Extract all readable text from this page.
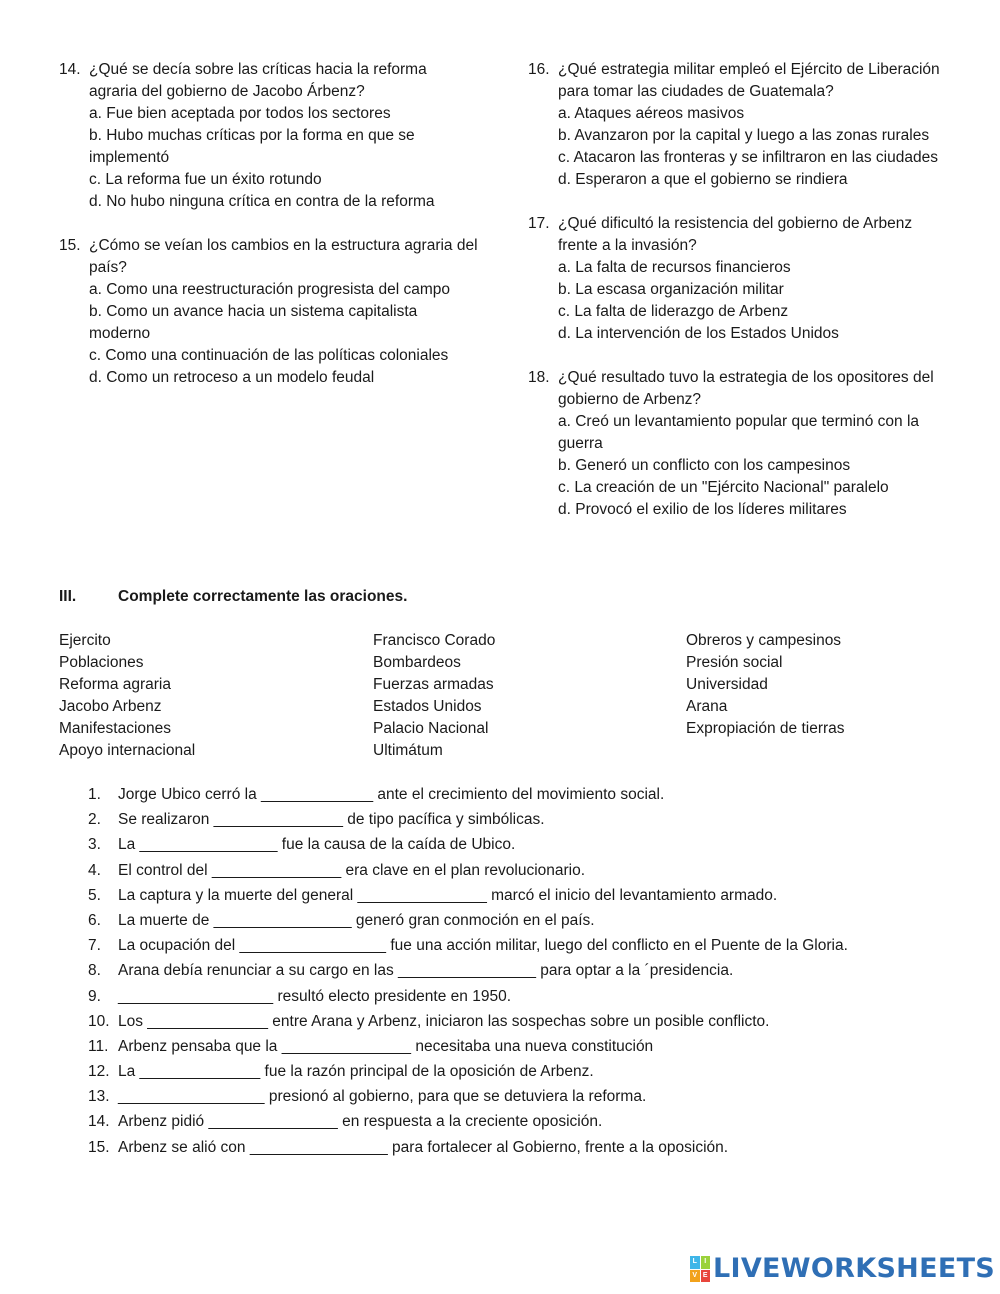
14. ¿Qué se decía sobre las críticas hacia la reforma agraria del gobierno de Jacobo Árbenz?
a. Fue bien aceptada por todos los sectores
b. Hubo muchas críticas por la forma en que se implementó
c. La reforma fue un éxito rotundo
d. No hubo ninguna crítica en contra de la reforma
15. ¿Cómo se veían los cambios en la estructura agraria del país?
a. Como una reestructuración progresista del campo
b. Como un avance hacia un sistema capitalista moderno
c. Como una continuación de las políticas coloniales
d. Como un retroceso a un modelo feudal
16. ¿Qué estrategia militar empleó el Ejército de Liberación para tomar las ciudades de Guatemala?
a. Ataques aéreos masivos
b. Avanzaron por la capital y luego a las zonas rurales
c. Atacaron las fronteras y se infiltraron en las ciudades
d. Esperaron a que el gobierno se rindiera
17. ¿Qué dificultó la resistencia del gobierno de Arbenz frente a la invasión?
a. La falta de recursos financieros
b. La escasa organización militar
c. La falta de liderazgo de Arbenz
d. La intervención de los Estados Unidos
18. ¿Qué resultado tuvo la estrategia de los opositores del gobierno de Arbenz?
a. Creó un levantamiento popular que terminó con la guerra
b. Generó un conflicto con los campesinos
c. La creación de un "Ejército Nacional" paralelo
d. Provocó el exilio de los líderes militares
III.	Complete correctamente las oraciones.
Ejercito
Poblaciones
Reforma agraria
Jacobo Arbenz
Manifestaciones
Apoyo internacional
Francisco Corado
Bombardeos
Fuerzas armadas
Estados Unidos
Palacio Nacional
Ultimátum
Obreros y campesinos
Presión social
Universidad
Arana
Expropiación de tierras
1. Jorge Ubico cerró la _____________ ante el crecimiento del movimiento social.
2. Se realizaron _______________ de tipo pacífica y simbólicas.
3. La ________________ fue la causa de la caída de Ubico.
4. El control del _______________ era clave en el plan revolucionario.
5. La captura y la muerte del general _______________ marcó el inicio del levantamiento armado.
6. La muerte de ________________ generó gran conmoción en el país.
7. La ocupación del _________________ fue una acción militar, luego del conflicto en el Puente de la Gloria.
8. Arana debía renunciar a su cargo en las ________________ para optar a la ´presidencia.
9. __________________ resultó electo presidente en 1950.
10. Los ______________ entre Arana y Arbenz, iniciaron las sospechas sobre un posible conflicto.
11. Arbenz pensaba que la _______________ necesitaba una nueva constitución
12. La ______________ fue la razón principal de la oposición de Arbenz.
13. _________________ presionó al gobierno, para que se detuviera la reforma.
14. Arbenz pidió _______________ en respuesta a la creciente oposición.
15. Arbenz se alió con ________________ para fortalecer al Gobierno, frente a la oposición.
L	I
V E LIVEWORKSHEETS
